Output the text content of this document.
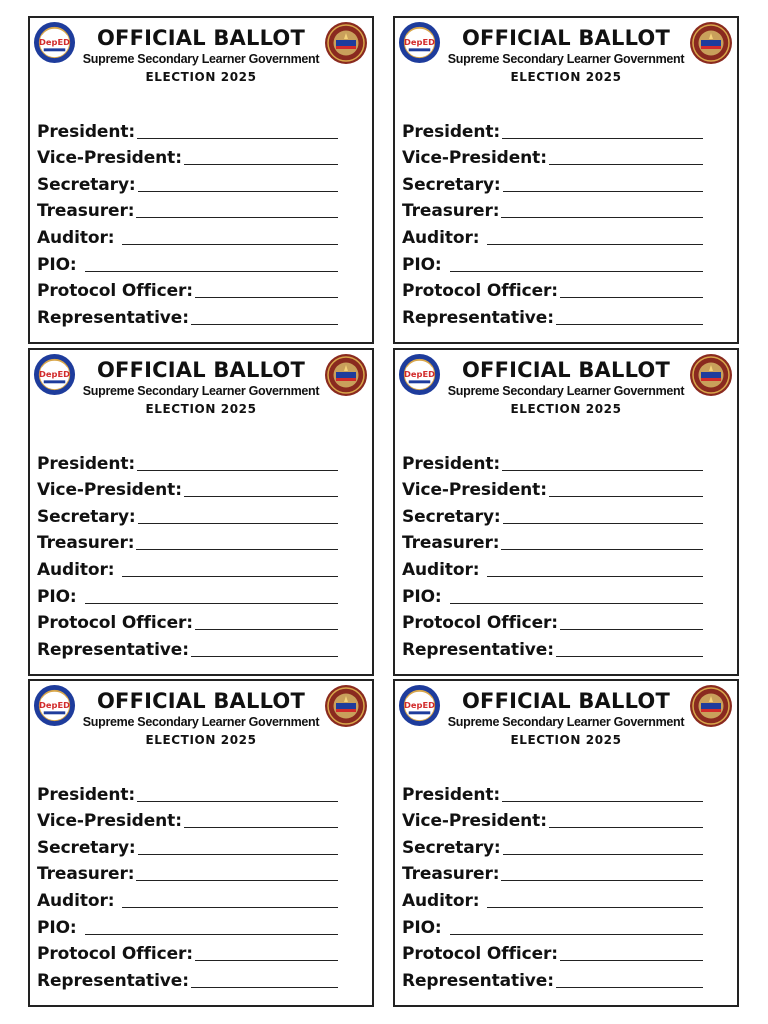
DepED	OFFICIAL BALLOT
Supreme Secondary Learner Government
ELECTION 2025
President:
Vice-President:
Secretary:
Treasurer:
Auditor:
PIO:
Protocol Officer:
Representative:
DepED	OFFICIAL BALLOT
Supreme Secondary Learner Government
ELECTION 2025
President:
Vice-President:
Secretary:
Treasurer:
Auditor:
PIO:
Protocol Officer:
Representative:
DepED	OFFICIAL BALLOT
Supreme Secondary Learner Government
ELECTION 2025
President:
Vice-President:
Secretary:
Treasurer:
Auditor:
PIO:
Protocol Officer:
Representative:
DepED	OFFICIAL BALLOT
Supreme Secondary Learner Government
ELECTION 2025
President:
Vice-President:
Secretary:
Treasurer:
Auditor:
PIO:
Protocol Officer:
Representative:
DepED	OFFICIAL BALLOT
Supreme Secondary Learner Government
ELECTION 2025
President:
Vice-President:
Secretary:
Treasurer:
Auditor:
PIO:
Protocol Officer:
Representative:
DepED	OFFICIAL BALLOT
Supreme Secondary Learner Government
ELECTION 2025
President:
Vice-President:
Secretary:
Treasurer:
Auditor:
PIO:
Protocol Officer:
Representative:
